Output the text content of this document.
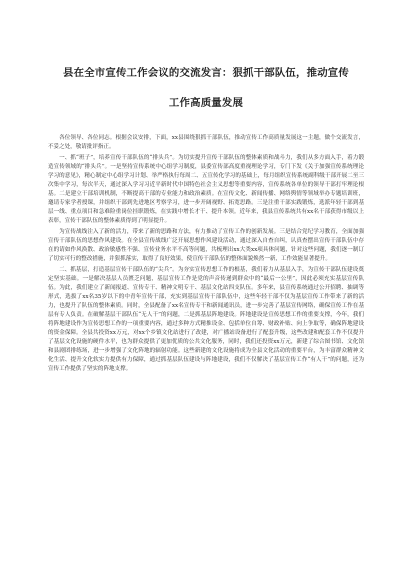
县在全市宣传工作会议的交流发言：狠抓干部队伍，推动宣传
工作高质量发展

各位领导、各位同志。根据会议安排，下面，xx县围绕狠抓干部队伍，推动宣传工作高质量发展这一主题，做个交流发言，不妥之处，敬请批评指正。

一、抓“班子”，培养宣传干部队伍的“排头兵”。为切实提升宣传干部队伍的整体素质和战斗力，我们从多方面入手，着力锻造宣传领域的“排头兵”。一是坚持宣传系统中心组学习制度，县委宣传部高度重视理论学习，专门下发《关于加强宣传系统理论学习的意见》，精心制定中心组学习计划、举严格执行每周二、五宣传化学习的基础上，每月组织宣传系统副科级干部开展二至三次集中学习，每次半天，通过深入学习习近平新时代中国特色社会主义思想等重要内容，宣传系统各单位的领导干部打牢理论根基。二是建立干部培训机制，不断提高干部的专业能力和政治素质。在宣传文化、新闻传播、网络舆情等领域举办专题培训班，邀请专家学者授课，并组织干部到先进地区考察学习，进一步开阔视野、拓宽思路。三是注重干部实践锻炼，选派年轻干部到基层一线、重点项目和急难险重岗位挂职锻炼，在实践中增长才干、提升本领。近年来，我县宣传系统共有xx名干部获得市级以上表彰，宣传干部队伍的整体素质得到了明显提升。

为宣传战线注入了新的活力，带来了新的思路和方法，有力推动了宣传工作的创新发展。三是结合党纪学习教育，全面加强宣传干部队伍的思想作风建设。在全县宣传战线广泛开展思想作风建设活动，通过深入自查自纠，认真查摆出宣传干部队伍中存在的请如作风涣散、政治敏感性不强、宣传业务水平不高等问题，共梳理出xx大类xx项具体问题，针对这些问题，我们逐一制订了切实可行的整改措施，并狠抓落实，取得了良好效果，使宣传干部队伍的整体面貌焕然一新，工作效能显著提升。

二、抓基层，打造基层宣传干部队伍的“尖兵”。为夯实宣传思想工作的根基，我们着力从基层入手，为宣传干部队伍建设奠定坚实基础。一是解决基层人员匮乏问题，基层宣传工作是党的声音传递到群众中的“最后一公里”，因此必须充实基层宣传队伍。为此，我们建立了新闻报道、宣传专干、精神文明专干、基层文化站四支队伍。多年来，县宣传系统通过公开招聘、抽调等形式，选拔了xx名35岁以下的中青年宣传干部，充实到基层宣传干部队伍中，这些年轻干部不仅为基层宣传工作带来了新的活力，也提升了队伍的整体素质。同时，全县配备了xx名宣传专干和新闻通讯员，进一步完善了基层宣传网络，确保宣传工作在基层有专人负责。在破解基层干部队伍“无人干”的问题，二是抓基层阵地建设。阵地建设是宣传思想工作的重要支撑，今年，我们将阵地建设作为宣传思想工作的一项重要内容，通过多种方式精推设金、包括单位自筹、财政补贴、向上争取等，确保阵地建设的资金保障。全县共投资xx万元，对xx个乡镇文化站进行了改建，对广播站设备进行了配套升级，这些改建和配套工作不仅提升了基层文化设施的硬件水平，也为群众提供了更加优质的公共文化服务，同时，我们还投资xx万元，新建了综合图书馆、文化馆和县剧团排练场，进一步增强了文化阵地的辐射功能。这些新建的文化设施将成为全县文化活动的重要平台，为丰富群众精神文化生活、提升文化软实力提供有力保障，通过抓基层队伍建设与阵地建设，我们不仅解决了基层宣传工作“有人干”的问题，还为宣传工作提供了坚实的阵地支撑。
